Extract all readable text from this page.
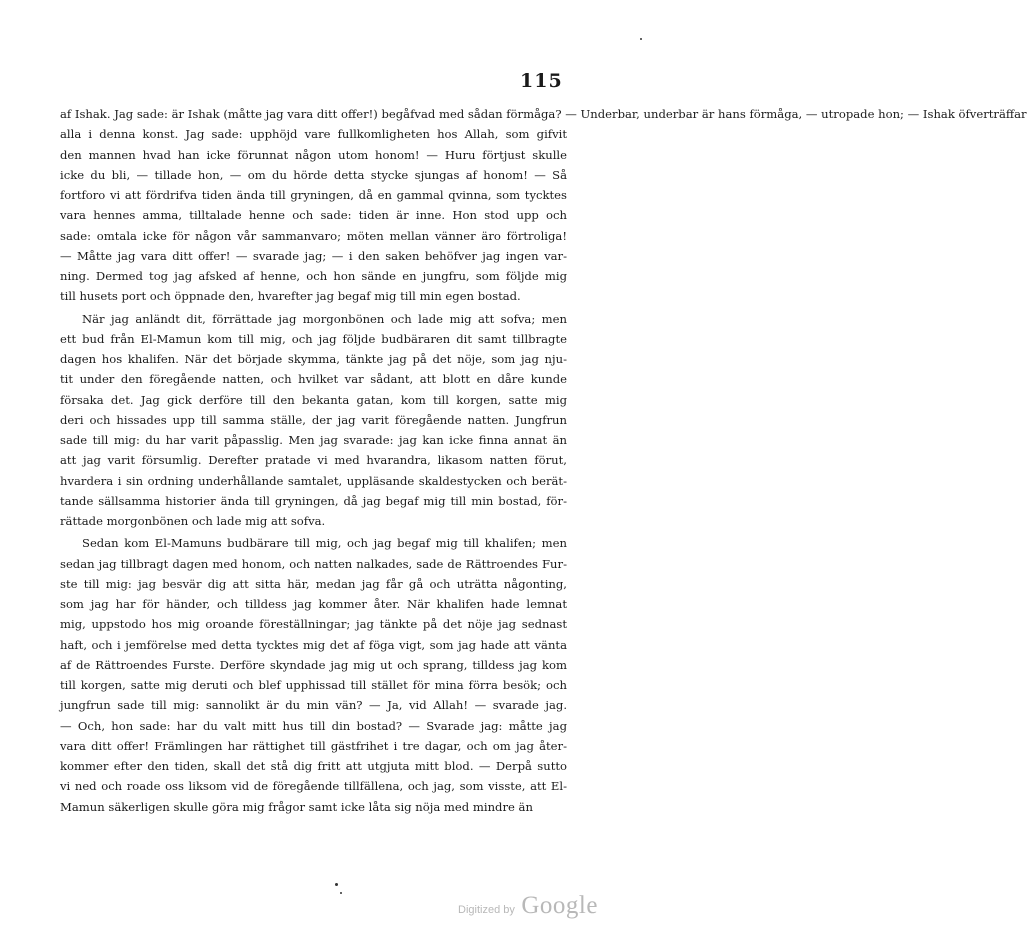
115
af Ishak. Jag sade: är Ishak (måtte jag vara ditt offer!) begåfvad med sådan förmåga? — Underbar, underbar är hans förmåga, — utropade hon; — Ishak öfverträffar
alla i denna konst. Jag sade: upphöjd vare fullkomligheten hos Allah, som gifvit
den mannen hvad han icke förunnat någon utom honom! — Huru förtjust skulle
icke du bli, — tillade hon, — om du hörde detta stycke sjungas af honom! — Så
fortforo vi att fördrifva tiden ända till gryningen, då en gammal qvinna, som tycktes
vara hennes amma, tilltalade henne och sade: tiden är inne. Hon stod upp och
sade: omtala icke för någon vår sammanvaro; möten mellan vänner äro förtroliga!
— Måtte jag vara ditt offer! — svarade jag; — i den saken behöfver jag ingen var-
ning. Dermed tog jag afsked af henne, och hon sände en jungfru, som följde mig
till husets port och öppnade den, hvarefter jag begaf mig till min egen bostad.
När jag anländt dit, förrättade jag morgonbönen och lade mig att sofva; men
ett bud från El-Mamun kom till mig, och jag följde budbäraren dit samt tillbragte
dagen hos khalifen. När det började skymma, tänkte jag på det nöje, som jag nju-
tit under den föregående natten, och hvilket var sådant, att blott en dåre kunde
försaka det. Jag gick derföre till den bekanta gatan, kom till korgen, satte mig
deri och hissades upp till samma ställe, der jag varit föregående natten. Jungfrun
sade till mig: du har varit påpasslig. Men jag svarade: jag kan icke finna annat än
att jag varit försumlig. Derefter pratade vi med hvarandra, likasom natten förut,
hvardera i sin ordning underhållande samtalet, uppläsande skaldestycken och berät-
tande sällsamma historier ända till gryningen, då jag begaf mig till min bostad, för-
rättade morgonbönen och lade mig att sofva.
Sedan kom El-Mamuns budbärare till mig, och jag begaf mig till khalifen; men
sedan jag tillbragt dagen med honom, och natten nalkades, sade de Rättroendes Fur-
ste till mig: jag besvär dig att sitta här, medan jag får gå och uträtta någonting,
som jag har för händer, och tilldess jag kommer åter. När khalifen hade lemnat
mig, uppstodo hos mig oroande föreställningar; jag tänkte på det nöje jag sednast
haft, och i jemförelse med detta tycktes mig det af föga vigt, som jag hade att vänta
af de Rättroendes Furste. Derföre skyndade jag mig ut och sprang, tilldess jag kom
till korgen, satte mig deruti och blef upphissad till stället för mina förra besök; och
jungfrun sade till mig: sannolikt är du min vän? — Ja, vid Allah! — svarade jag.
— Och, hon sade: har du valt mitt hus till din bostad? — Svarade jag: måtte jag
vara ditt offer! Främlingen har rättighet till gästfrihet i tre dagar, och om jag åter-
kommer efter den tiden, skall det stå dig fritt att utgjuta mitt blod. — Derpå sutto
vi ned och roade oss liksom vid de föregående tillfällena, och jag, som visste, att El-
Mamun säkerligen skulle göra mig frågor samt icke låta sig nöja med mindre än
Digitized by Google
